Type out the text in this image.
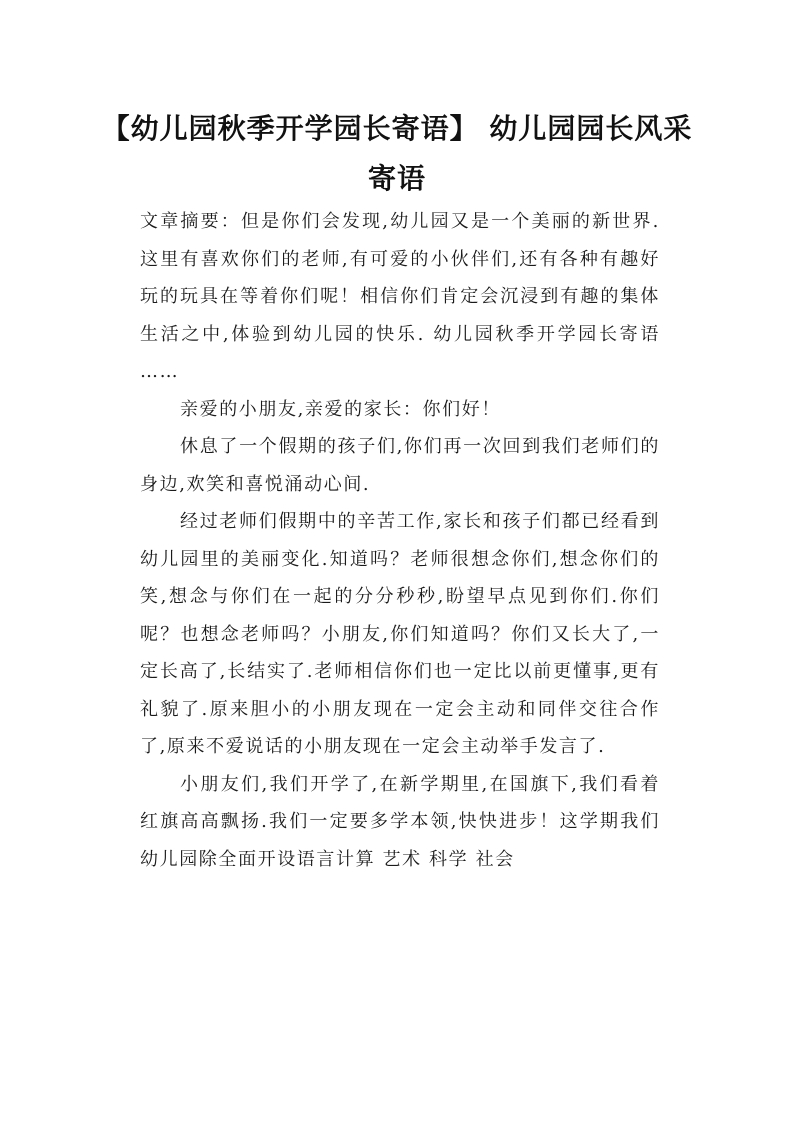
【幼儿园秋季开学园长寄语】 幼儿园园长风采寄语

文章摘要：但是你们会发现,幼儿园又是一个美丽的新世界.这里有喜欢你们的老师,有可爱的小伙伴们,还有各种有趣好玩的玩具在等着你们呢！相信你们肯定会沉浸到有趣的集体生活之中,体验到幼儿园的快乐. 幼儿园秋季开学园长寄语 ……

亲爱的小朋友,亲爱的家长：你们好！

休息了一个假期的孩子们,你们再一次回到我们老师们的身边,欢笑和喜悦涌动心间.

经过老师们假期中的辛苦工作,家长和孩子们都已经看到幼儿园里的美丽变化.知道吗？老师很想念你们,想念你们的笑,想念与你们在一起的分分秒秒,盼望早点见到你们.你们呢？也想念老师吗？小朋友,你们知道吗？你们又长大了,一定长高了,长结实了.老师相信你们也一定比以前更懂事,更有礼貌了.原来胆小的小朋友现在一定会主动和同伴交往合作了,原来不爱说话的小朋友现在一定会主动举手发言了.

小朋友们,我们开学了,在新学期里,在国旗下,我们看着红旗高高飘扬.我们一定要多学本领,快快进步！这学期我们幼儿园除全面开设语言计算 艺术 科学 社会
